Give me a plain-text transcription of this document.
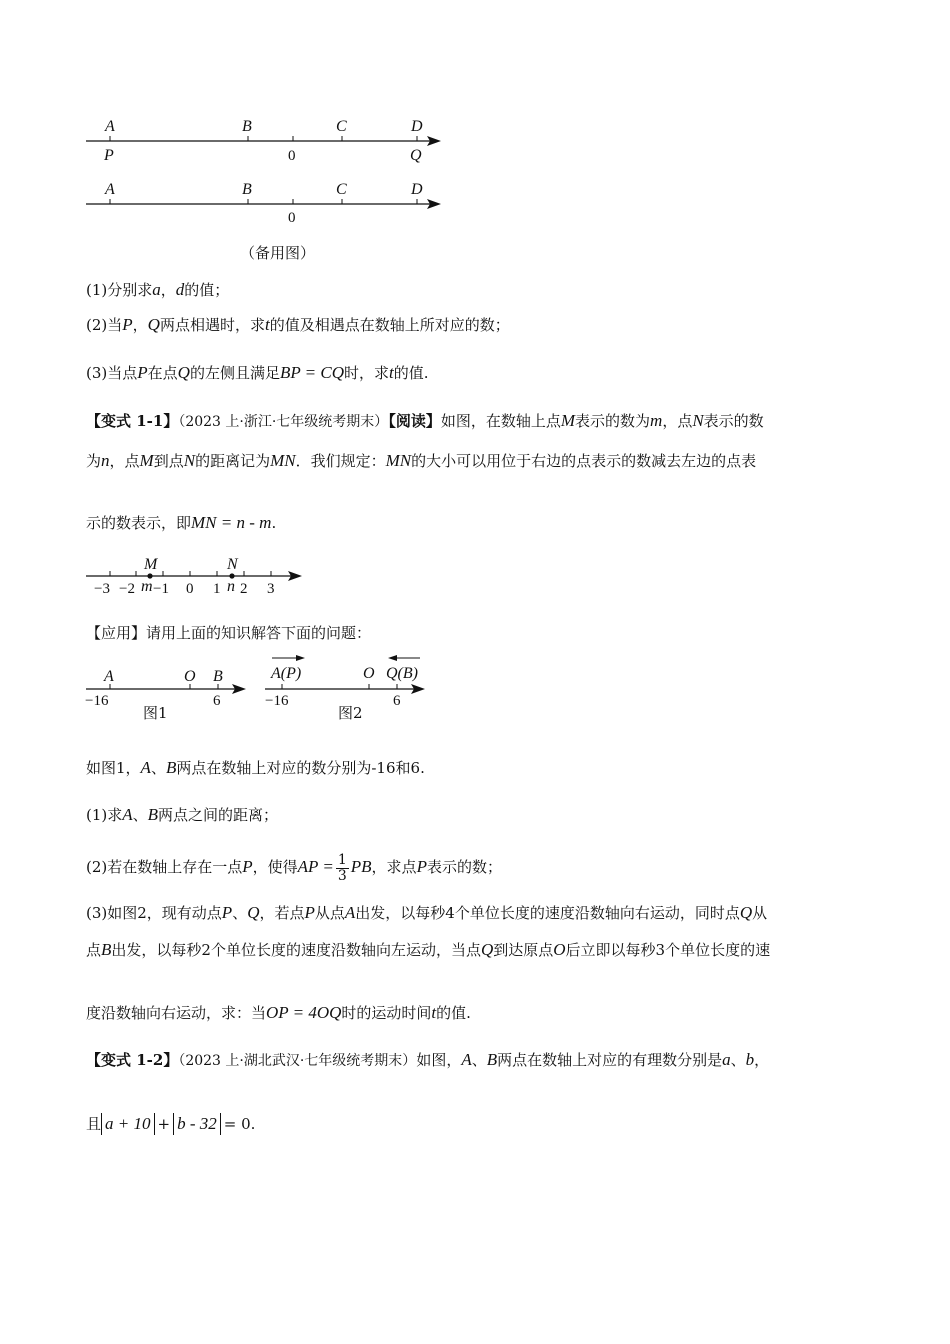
A	B	C	D
P	0	Q
A	B	C	D
0
（备用图）
(1)分别求a，d的值；
(2)当P，Q两点相遇时，求t的值及相遇点在数轴上所对应的数；
(3)当点P在点Q的左侧且满足BP = CQ时，求t的值.
【变式 1-1】（2023 上·浙江·七年级统考期末）【阅读】如图，在数轴上点M表示的数为m，点N表示的数
为n，点M到点N的距离记为MN．我们规定：MN的大小可以用位于右边的点表示的数减去左边的点表
示的数表示，即MN = n - m.
M	N
−3 −2 m −1 0 1 n 2 3
【应用】请用上面的知识解答下面的问题：
A	O B
−16	6
图1
A(P)	O Q(B)
−16	6
图2
如图1，A、B两点在数轴上对应的数分别为-16和6.
(1)求A、B两点之间的距离；
(2)若在数轴上存在一点P，使得AP = $\frac{1}{3}$ PB，求点P表示的数；
(3)如图2，现有动点P、Q，若点P从点A出发，以每秒4个单位长度的速度沿数轴向右运动，同时点Q从
点B出发，以每秒2个单位长度的速度沿数轴向左运动，当点Q到达原点O后立即以每秒3个单位长度的速
度沿数轴向右运动，求：当OP = 4OQ时的运动时间t的值.
【变式 1-2】（2023 上·湖北武汉·七年级统考期末）如图，A、B两点在数轴上对应的有理数分别是a、b，
且 a + 10 + b - 32 = 0.
